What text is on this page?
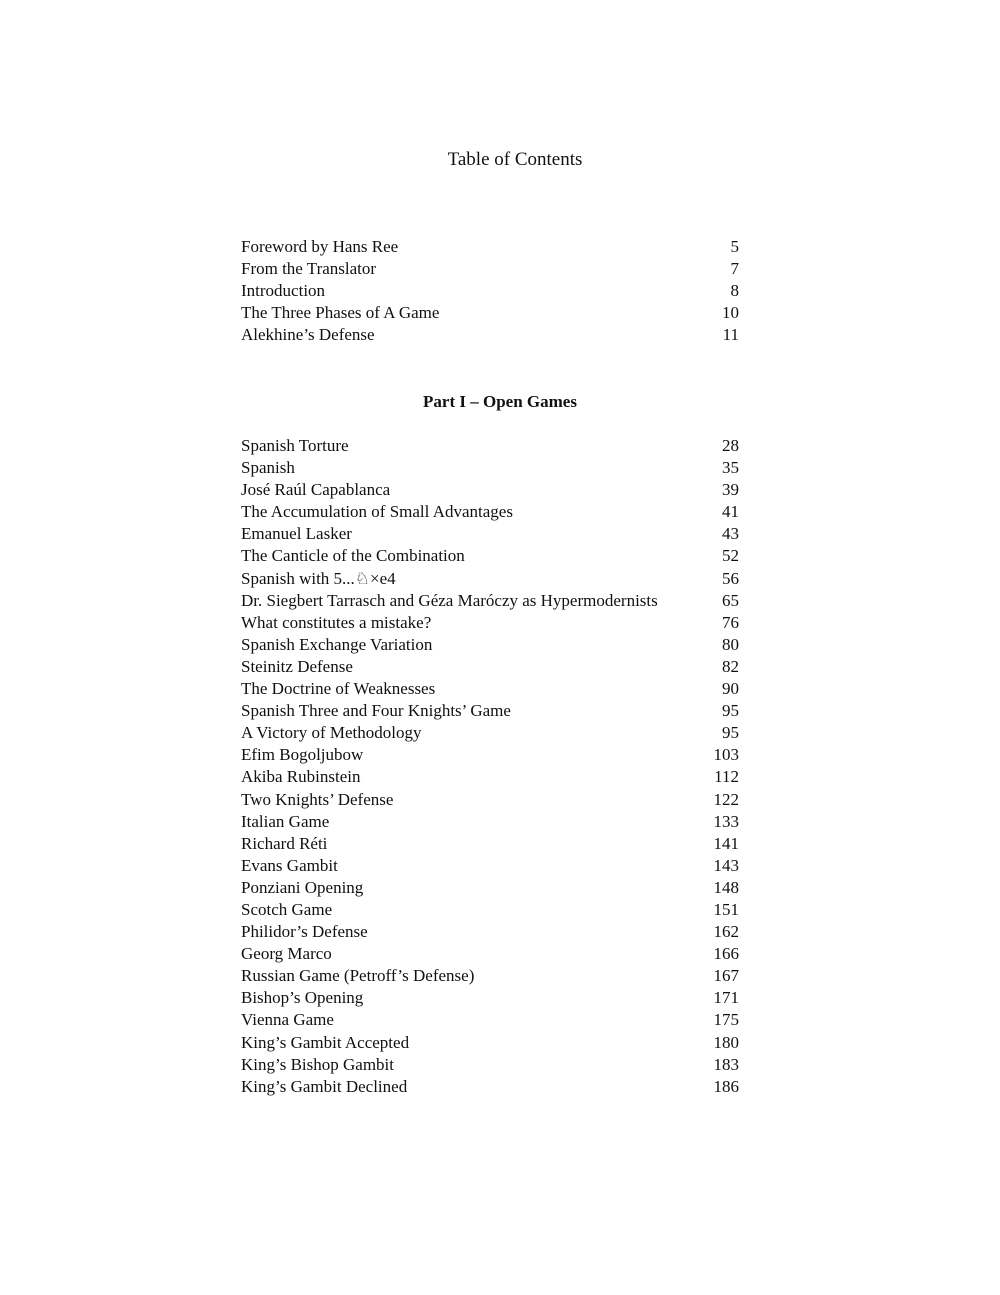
Table of Contents
Foreword by Hans Ree	5
From the Translator	7
Introduction	8
The Three Phases of A Game	10
Alekhine’s Defense	11
Part I – Open Games
Spanish Torture	28
Spanish	35
José Raúl Capablanca	39
The Accumulation of Small Advantages	41
Emanuel Lasker	43
The Canticle of the Combination	52
Spanish with 5...♘×e4	56
Dr. Siegbert Tarrasch and Géza Maróczy as Hypermodernists	65
What constitutes a mistake?	76
Spanish Exchange Variation	80
Steinitz Defense	82
The Doctrine of Weaknesses	90
Spanish Three and Four Knights’ Game	95
A Victory of Methodology	95
Efim Bogoljubow	103
Akiba Rubinstein	112
Two Knights’ Defense	122
Italian Game	133
Richard Réti	141
Evans Gambit	143
Ponziani Opening	148
Scotch Game	151
Philidor’s Defense	162
Georg Marco	166
Russian Game (Petroff’s Defense)	167
Bishop’s Opening	171
Vienna Game	175
King’s Gambit Accepted	180
King’s Bishop Gambit	183
King’s Gambit Declined	186
